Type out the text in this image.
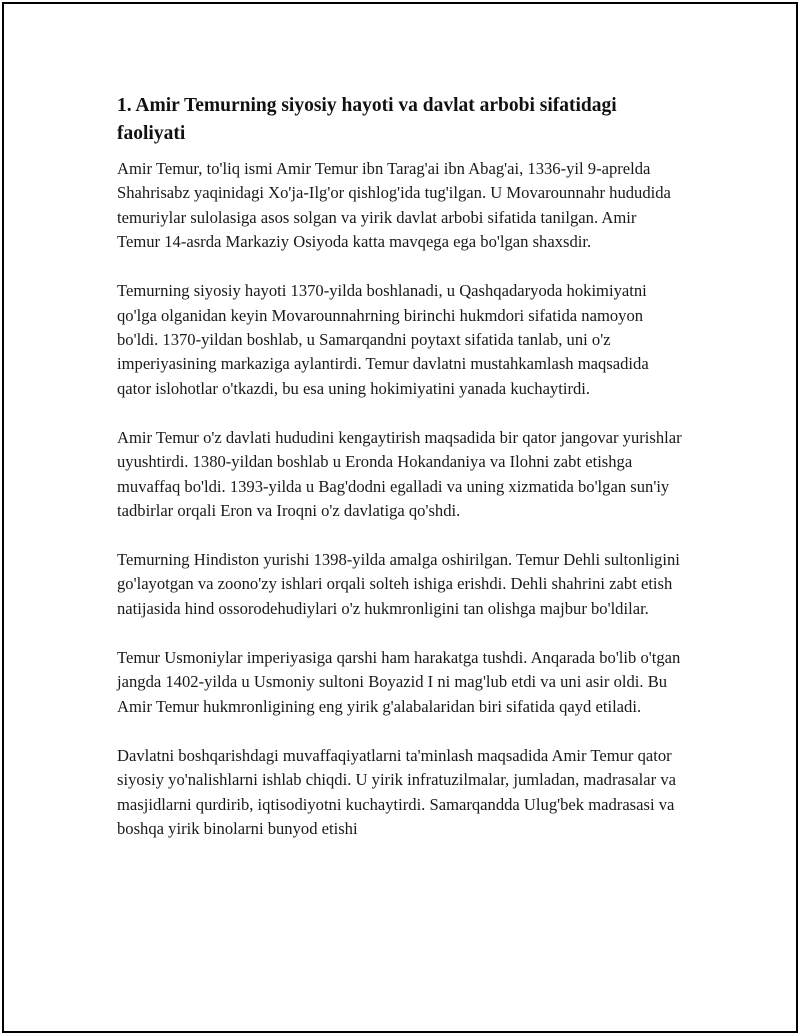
1. Amir Temurning siyosiy hayoti va davlat arbobi sifatidagi faoliyati

Amir Temur, to'liq ismi Amir Temur ibn Tarag'ai ibn Abag'ai, 1336-yil 9-aprelda Shahrisabz yaqinidagi Xo'ja-Ilg'or qishlog'ida tug'ilgan. U Movarounnahr hududida temuriylar sulolasiga asos solgan va yirik davlat arbobi sifatida tanilgan. Amir Temur 14-asrda Markaziy Osiyoda katta mavqega ega bo'lgan shaxsdir.

Temurning siyosiy hayoti 1370-yilda boshlanadi, u Qashqadaryoda hokimiyatni qo'lga olganidan keyin Movarounnahrning birinchi hukmdori sifatida namoyon bo'ldi. 1370-yildan boshlab, u Samarqandni poytaxt sifatida tanlab, uni o'z imperiyasining markaziga aylantirdi. Temur davlatni mustahkamlash maqsadida qator islohotlar o'tkazdi, bu esa uning hokimiyatini yanada kuchaytirdi.

Amir Temur o'z davlati hududini kengaytirish maqsadida bir qator jangovar yurishlar uyushtirdi. 1380-yildan boshlab u Eronda Hokandaniya va Ilohni zabt etishga muvaffaq bo'ldi. 1393-yilda u Bag'dodni egalladi va uning xizmatida bo'lgan sun'iy tadbirlar orqali Eron va Iroqni o'z davlatiga qo'shdi.

Temurning Hindiston yurishi 1398-yilda amalga oshirilgan. Temur Dehli sultonligini go'layotgan va zoono'zy ishlari orqali solteh ishiga erishdi. Dehli shahrini zabt etish natijasida hind ossorodehudiylari o'z hukmronligini tan olishga majbur bo'ldilar.

Temur Usmoniylar imperiyasiga qarshi ham harakatga tushdi. Anqarada bo'lib o'tgan jangda 1402-yilda u Usmoniy sultoni Boyazid I ni mag'lub etdi va uni asir oldi. Bu Amir Temur hukmronligining eng yirik g'alabalaridan biri sifatida qayd etiladi.

Davlatni boshqarishdagi muvaffaqiyatlarni ta'minlash maqsadida Amir Temur qator siyosiy yo'nalishlarni ishlab chiqdi. U yirik infratuzilmalar, jumladan, madrasalar va masjidlarni qurdirib, iqtisodiyotni kuchaytirdi. Samarqandda Ulug'bek madrasasi va boshqa yirik binolarni bunyod etishi
